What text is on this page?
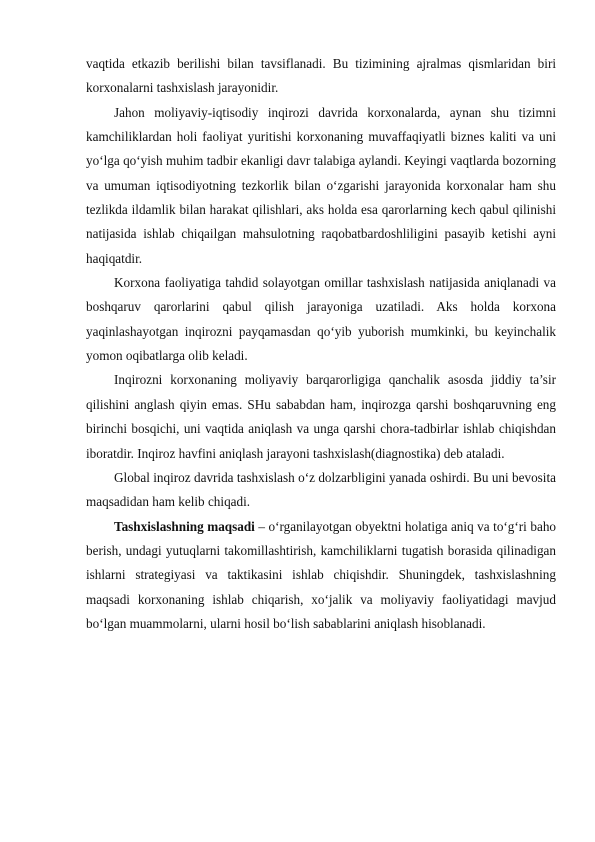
vaqtida etkazib berilishi bilan tavsiflanadi. Bu tizimining ajralmas qismlaridan biri korxonalarni tashxislash jarayonidir.

Jahon moliyaviy-iqtisodiy inqirozi davrida korxonalarda, aynan shu tizimni kamchiliklardan holi faoliyat yuritishi korxonaning muvaffaqiyatli biznes kaliti va uni yo‘lga qo‘yish muhim tadbir ekanligi davr talabiga aylandi. Keyingi vaqtlarda bozorning va umuman iqtisodiyotning tezkorlik bilan o‘zgarishi jarayonida korxonalar ham shu tezlikda ildamlik bilan harakat qilishlari, aks holda esa qarorlarning kech qabul qilinishi natijasida ishlab chiqailgan mahsulotning raqobatbardoshliligini pasayib ketishi ayni haqiqatdir.

Korxona faoliyatiga tahdid solayotgan omillar tashxislash natijasida aniqlanadi va boshqaruv qarorlarini qabul qilish jarayoniga uzatiladi. Aks holda korxona yaqinlashayotgan inqirozni payqamasdan qo‘yib yuborish mumkinki, bu keyinchalik yomon oqibatlarga olib keladi.

Inqirozni korxonaning moliyaviy barqarorligiga qanchalik asosda jiddiy ta’sir qilishini anglash qiyin emas. SHu sababdan ham, inqirozga qarshi boshqaruvning eng birinchi bosqichi, uni vaqtida aniqlash va unga qarshi chora-tadbirlar ishlab chiqishdan iboratdir. Inqiroz havfini aniqlash jarayoni tashxislash(diagnostika) deb ataladi.

Global inqiroz davrida tashxislash o‘z dolzarbligini yanada oshirdi. Bu uni bevosita maqsadidan ham kelib chiqadi.

Tashxislashning maqsadi – o‘rganilayotgan obyektni holatiga aniq va to‘g‘ri baho berish, undagi yutuqlarni takomillashtirish, kamchiliklarni tugatish borasida qilinadigan ishlarni strategiyasi va taktikasini ishlab chiqishdir. Shuningdek, tashxislashning maqsadi korxonaning ishlab chiqarish, xo‘jalik va moliyaviy faoliyatidagi mavjud bo‘lgan muammolarni, ularni hosil bo‘lish sabablarini aniqlash hisoblanadi.
